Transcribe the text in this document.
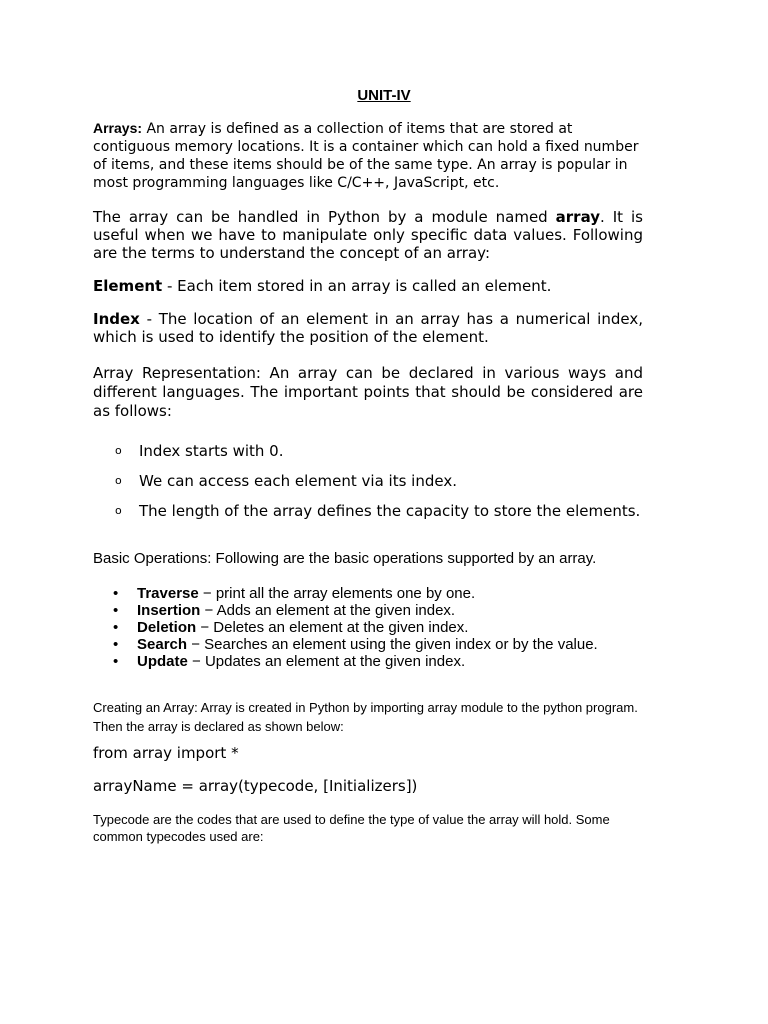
UNIT-IV

Arrays: An array is defined as a collection of items that are stored at contiguous memory locations. It is a container which can hold a fixed number of items, and these items should be of the same type. An array is popular in most programming languages like C/C++, JavaScript, etc.

The array can be handled in Python by a module named array. It is useful when we have to manipulate only specific data values. Following are the terms to understand the concept of an array:

Element - Each item stored in an array is called an element.

Index - The location of an element in an array has a numerical index, which is used to identify the position of the element.

Array Representation: An array can be declared in various ways and different languages. The important points that should be considered are as follows:

o Index starts with 0.
o We can access each element via its index.
o The length of the array defines the capacity to store the elements.

Basic Operations: Following are the basic operations supported by an array.

• Traverse − print all the array elements one by one.
• Insertion − Adds an element at the given index.
• Deletion − Deletes an element at the given index.
• Search − Searches an element using the given index or by the value.
• Update − Updates an element at the given index.

Creating an Array: Array is created in Python by importing array module to the python program. Then the array is declared as shown below:

from array import *

arrayName = array(typecode, [Initializers])

Typecode are the codes that are used to define the type of value the array will hold. Some common typecodes used are:
